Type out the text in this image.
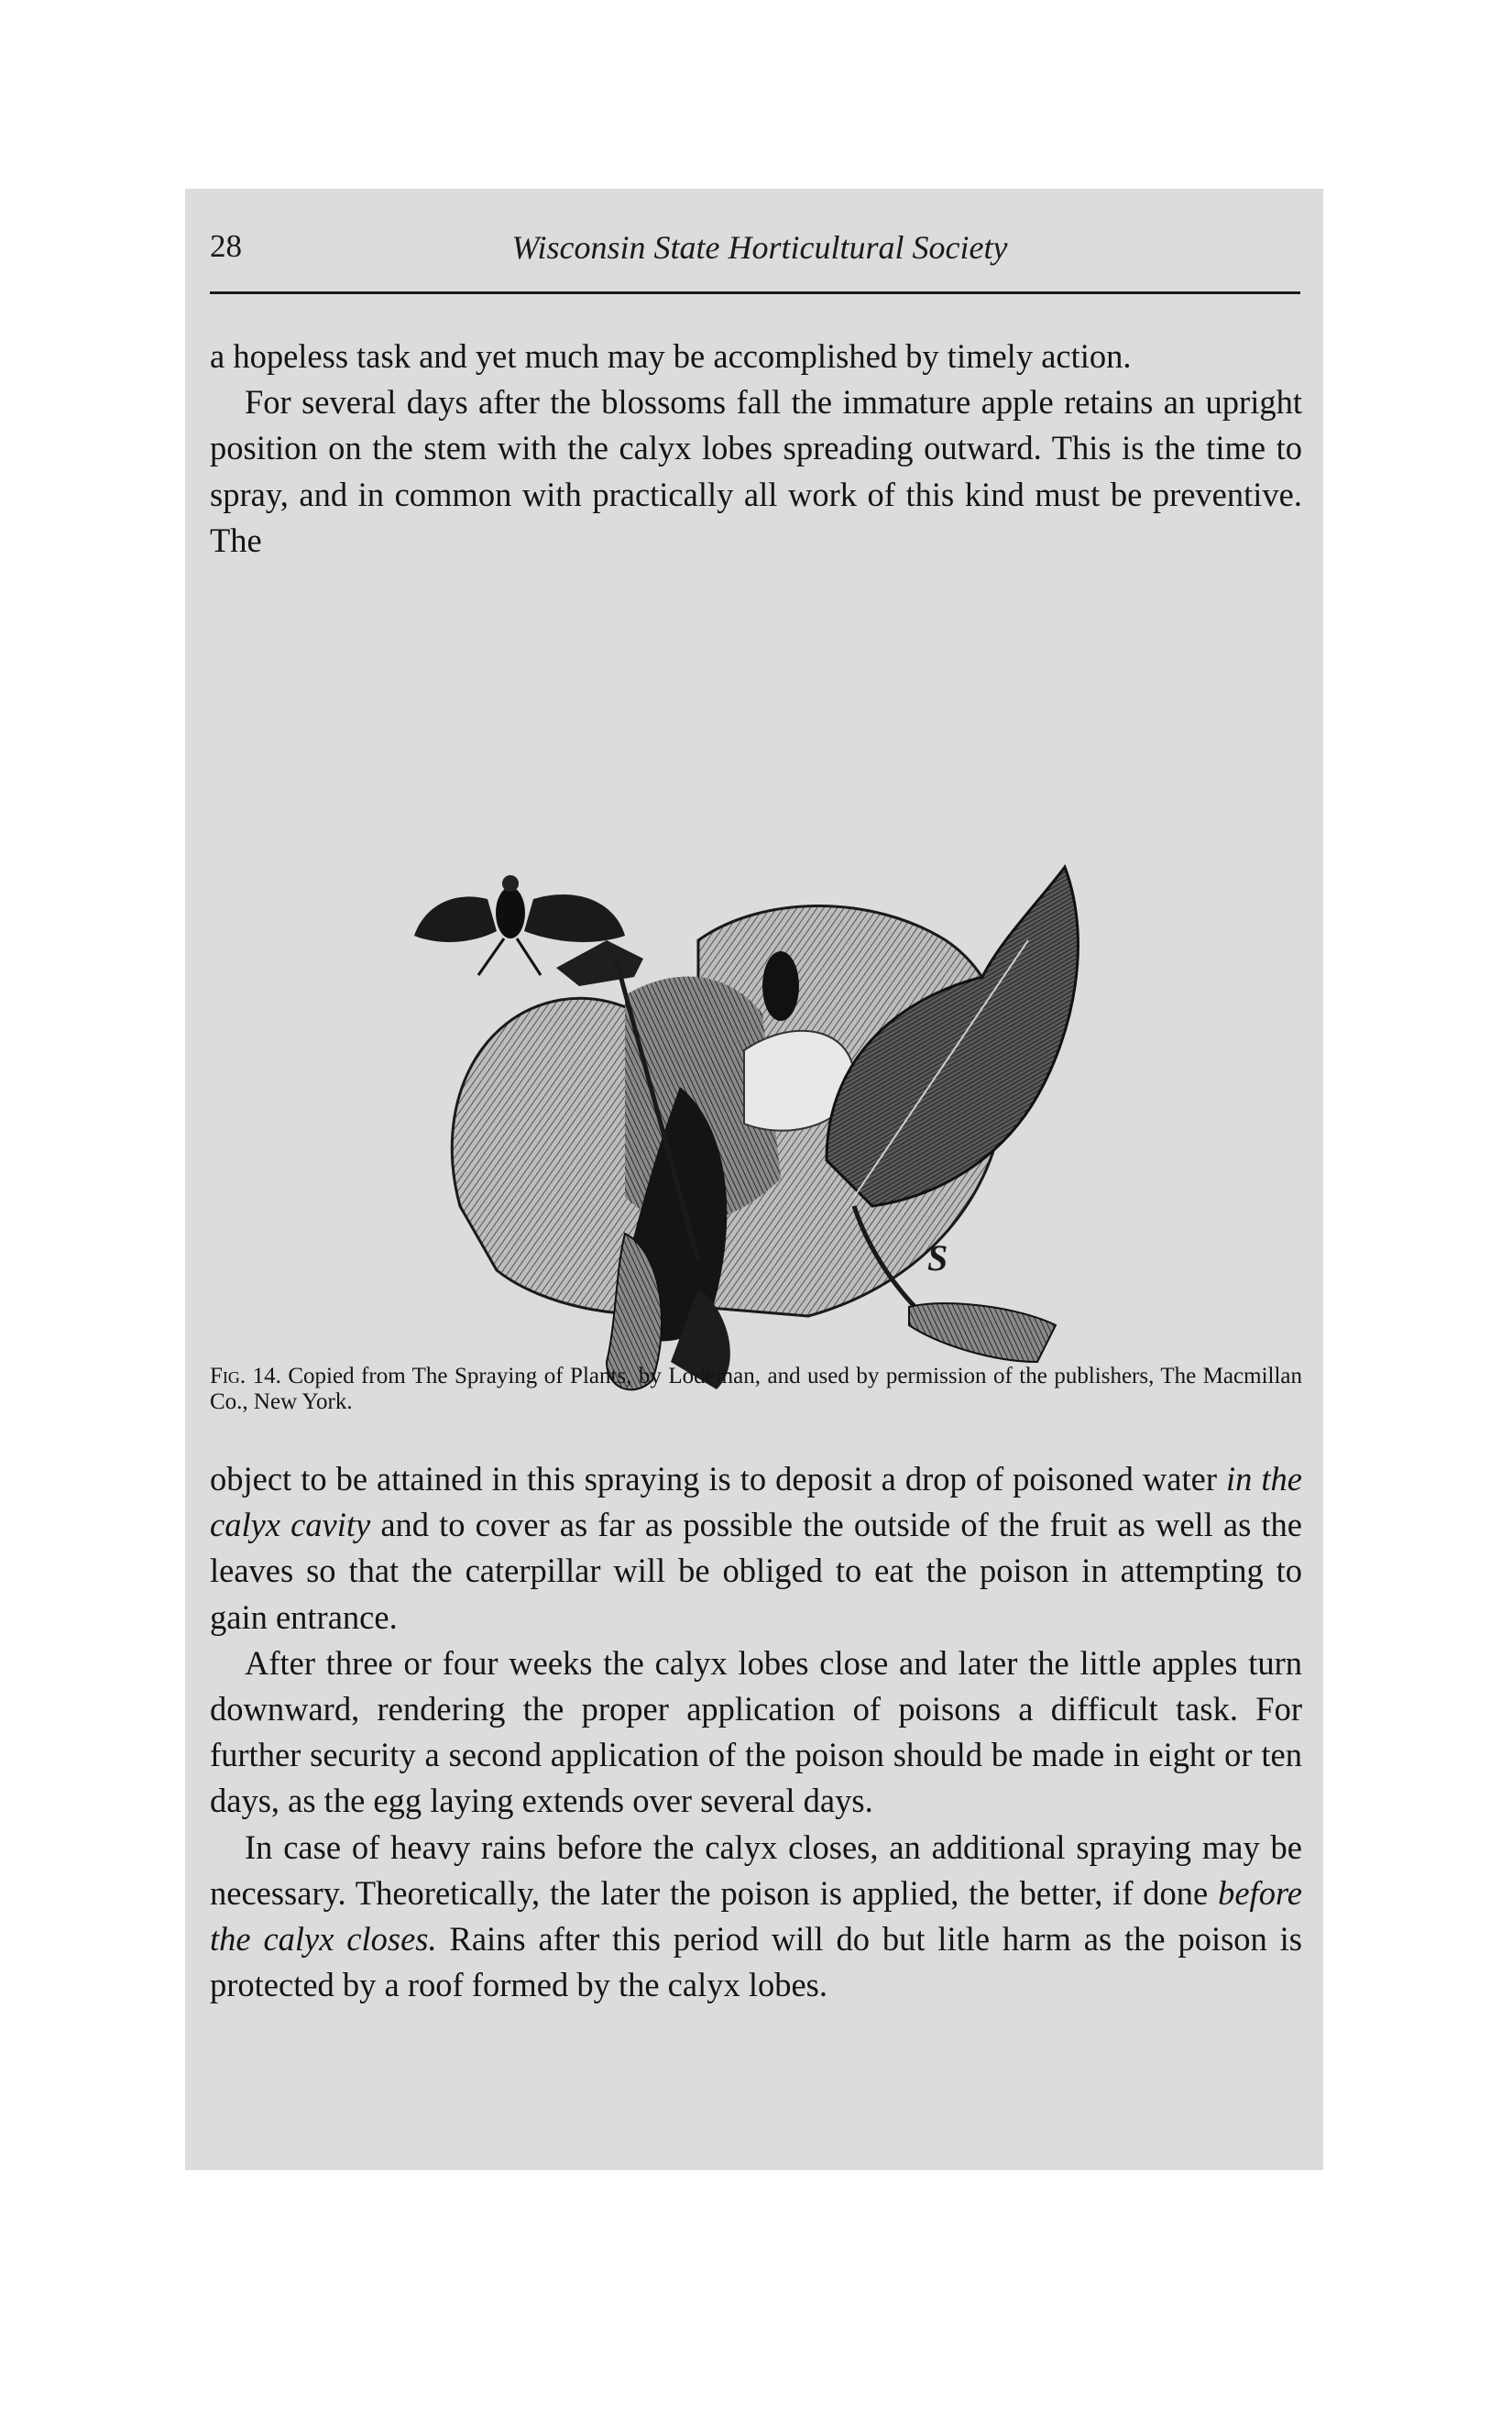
28	Wisconsin State Horticultural Society

a hopeless task and yet much may be accomplished by timely action.

For several days after the blossoms fall the immature apple retains an upright position on the stem with the calyx lobes spreading outward. This is the time to spray, and in common with practically all work of this kind must be preventive. The

S
Fig. 14. Copied from The Spraying of Plants, by Lodeman, and used by permission of the publishers, The Macmillan Co., New York.

object to be attained in this spraying is to deposit a drop of poisoned water in the calyx cavity and to cover as far as possible the outside of the fruit as well as the leaves so that the caterpillar will be obliged to eat the poison in attempting to gain entrance.

After three or four weeks the calyx lobes close and later the little apples turn downward, rendering the proper application of poisons a difficult task. For further security a second application of the poison should be made in eight or ten days, as the egg laying extends over several days.

In case of heavy rains before the calyx closes, an additional spraying may be necessary. Theoretically, the later the poison is applied, the better, if done before the calyx closes. Rains after this period will do but litle harm as the poison is protected by a roof formed by the calyx lobes.
